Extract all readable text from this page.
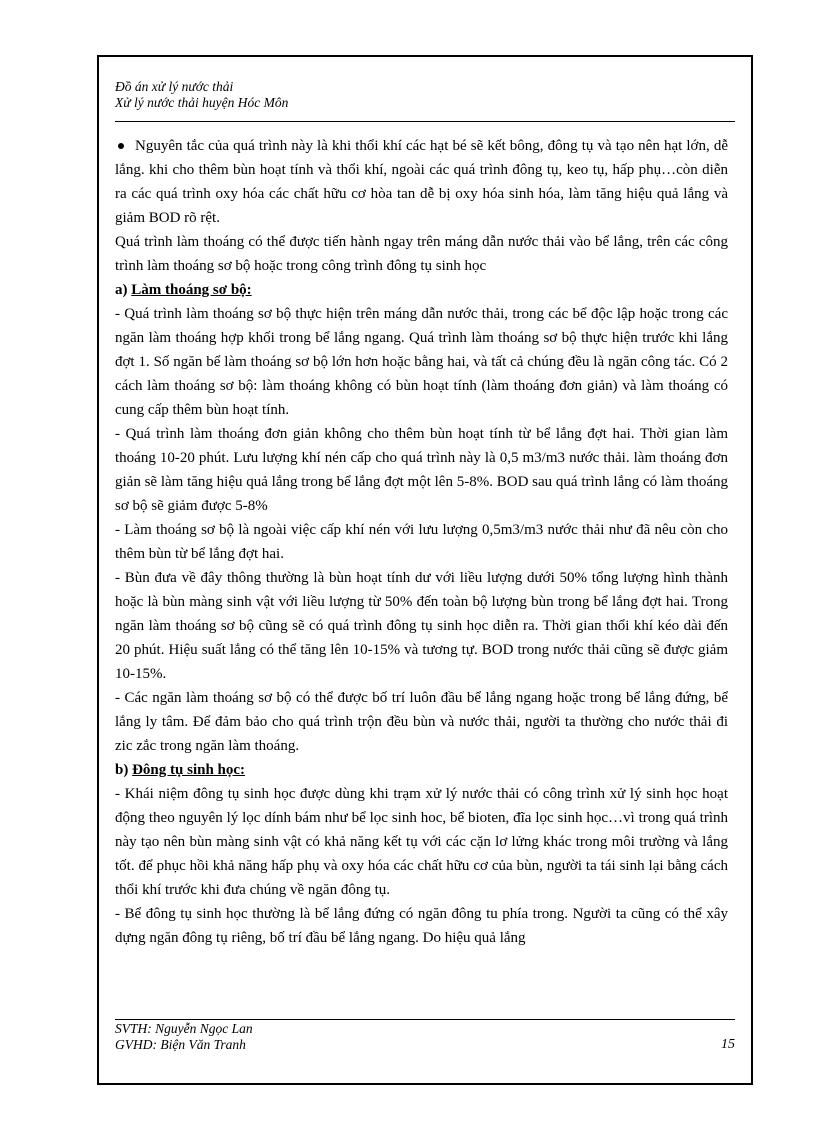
Đồ án xử lý nước thải
Xử lý nước thải huyện Hóc Môn

Nguyên tắc của quá trình này là khi thổi khí các hạt bé sẽ kết bông, đông tụ và tạo nên hạt lớn, dễ lắng. khi cho thêm bùn hoạt tính và thổi khí, ngoài các quá trình đông tụ, keo tụ, hấp phụ…còn diễn ra các quá trình oxy hóa các chất hữu cơ hòa tan dễ bị oxy hóa sinh hóa, làm tăng hiệu quả lắng và giảm BOD rõ rệt.

Quá trình làm thoáng có thể được tiến hành ngay trên máng dẫn nước thải vào bể lắng, trên các công trình làm thoáng sơ bộ hoặc trong công trình đông tụ sinh học

a) Làm thoáng sơ bộ:

- Quá trình làm thoáng sơ bộ thực hiện trên máng dẫn nước thải, trong các bể độc lập hoặc trong các ngăn làm thoáng hợp khối trong bể lắng ngang. Quá trình làm thoáng sơ bộ thực hiện trước khi lắng đợt 1. Số ngăn bể làm thoáng sơ bộ lớn hơn hoặc bằng hai, và tất cả chúng đều là ngăn công tác. Có 2 cách làm thoáng sơ bộ: làm thoáng không có bùn hoạt tính (làm thoáng đơn giản) và làm thoáng có cung cấp thêm bùn hoạt tính.

- Quá trình làm thoáng đơn giản không cho thêm bùn hoạt tính từ bể lắng đợt hai. Thời gian làm thoáng 10-20 phút. Lưu lượng khí nén cấp cho quá trình này là 0,5 m3/m3 nước thải. làm thoáng đơn giản sẽ làm tăng hiệu quả lắng trong bể lắng đợt một lên 5-8%. BOD sau quá trình lắng có làm thoáng sơ bộ sẽ giảm được 5-8%

- Làm thoáng sơ bộ là ngoài việc cấp khí nén với lưu lượng 0,5m3/m3 nước thải như đã nêu còn cho thêm bùn từ bể lắng đợt hai.

- Bùn đưa về đây thông thường là bùn hoạt tính dư với liều lượng dưới 50% tổng lượng hình thành hoặc là bùn màng sinh vật với liều lượng từ 50% đến toàn bộ lượng bùn trong bể lắng đợt hai. Trong ngăn làm thoáng sơ bộ cũng sẽ có quá trình đông tụ sinh học diễn ra. Thời gian thổi khí kéo dài đến 20 phút. Hiệu suất lắng có thể tăng lên 10-15% và tương tự. BOD trong nước thải cũng sẽ được giảm 10-15%.

- Các ngăn làm thoáng sơ bộ có thể được bố trí luôn đầu bể lắng ngang hoặc trong bể lắng đứng, bể lắng ly tâm. Để đảm bảo cho quá trình trộn đều bùn và nước thải, người ta thường cho nước thải đi zic zắc trong ngăn làm thoáng.

b) Đông tụ sinh học:

- Khái niệm đông tụ sinh học được dùng khi trạm xử lý nước thải có công trình xử lý sinh học hoạt động theo nguyên lý lọc dính bám như bể lọc sinh hoc, bể bioten, đĩa lọc sinh học…vì trong quá trình này tạo nên bùn màng sinh vật có khả năng kết tụ với các cặn lơ lửng khác trong môi trường và lắng tốt. để phục hồi khả năng hấp phụ và oxy hóa các chất hữu cơ của bùn, người ta tái sinh lại bằng cách thổi khí trước khi đưa chúng về ngăn đông tụ.

- Bể đông tụ sinh học thường là bể lắng đứng có ngăn đông tu phía trong. Người ta cũng có thể xây dựng ngăn đông tụ riêng, bố trí đầu bể lắng ngang. Do hiệu quả lắng

SVTH: Nguyễn Ngọc Lan
GVHD: Biện Văn Tranh	15
